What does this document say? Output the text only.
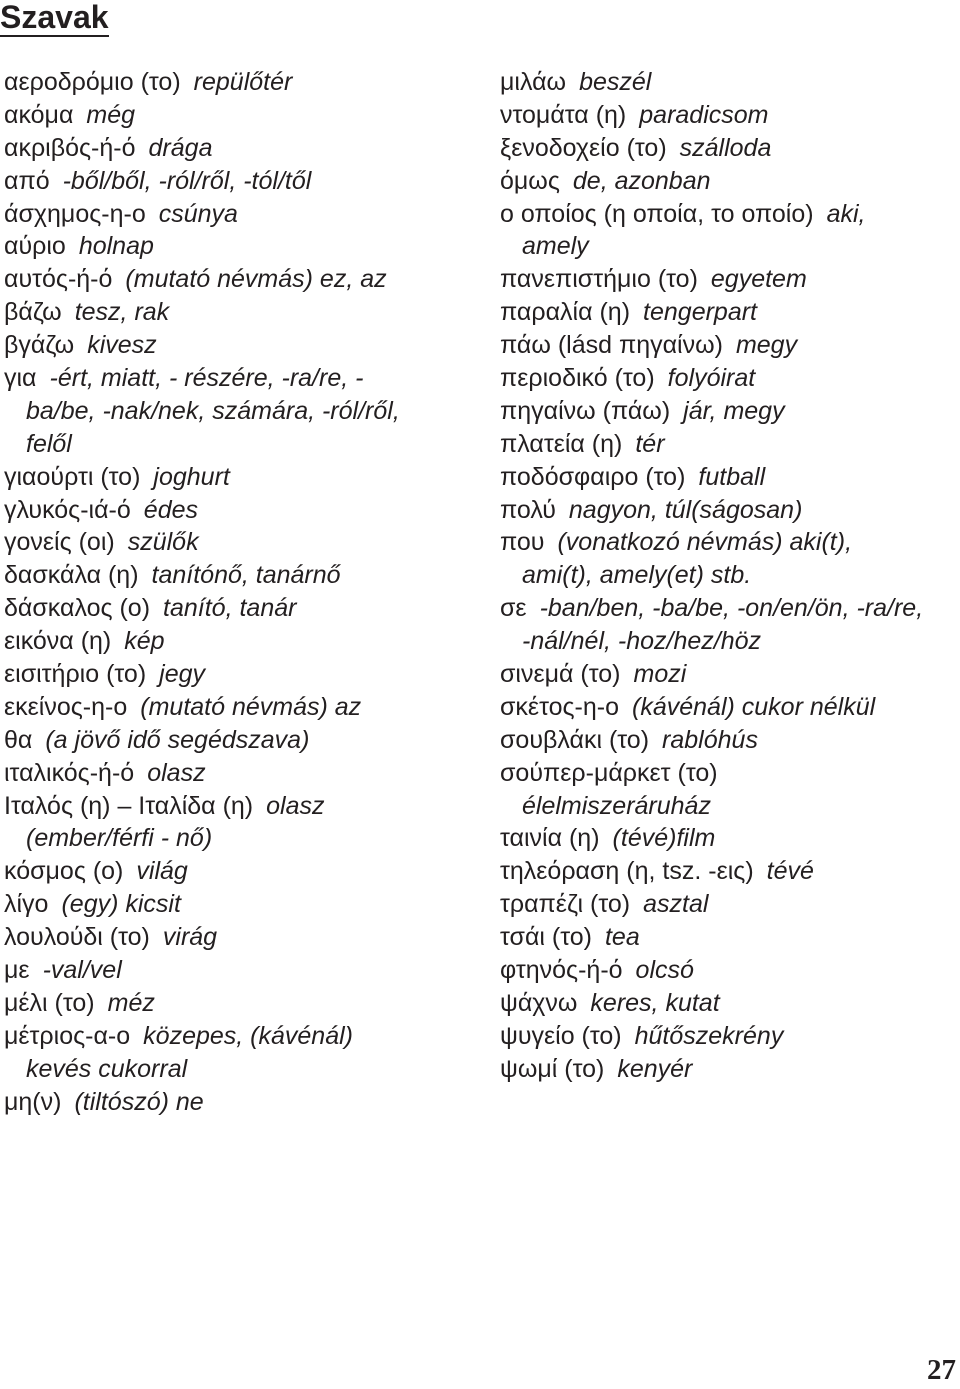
Szavak
αεροδρόμιο (το) repülőtér
ακόμα még
ακριβός-ή-ό drága
από -ből/ből, -ról/ről, -tól/től
άσχημος-η-ο csúnya
αύριο holnap
αυτός-ή-ό (mutató névmás) ez, az
βάζω tesz, rak
βγάζω kivesz
για -ért, miatt, - részére, -ra/re, -
ba/be, -nak/nek, számára, -ról/ről,
felől
γιαούρτι (το) joghurt
γλυκός-ιά-ό édes
γονείς (οι) szülők
δασκάλα (η) tanítónő, tanárnő
δάσκαλος (ο) tanító, tanár
εικόνα (η) kép
εισιτήριο (το) jegy
εκείνος-η-ο (mutató névmás) az
θα (a jövő idő segédszava)
ιταλικός-ή-ό olasz
Ιταλός (η) – Ιταλίδα (η) olasz
(ember/férfi - nő)
κόσμος (ο) világ
λίγο (egy) kicsit
λουλούδι (το) virág
με -val/vel
μέλι (το) méz
μέτριος-α-ο közepes, (kávénál)
kevés cukorral
μη(ν) (tiltószó) ne
μιλάω beszél
ντομάτα (η) paradicsom
ξενοδοχείο (το) szálloda
όμως de, azonban
ο οποίος (η οποία, το οποίο) aki,
amely
πανεπιστήμιο (το) egyetem
παραλία (η) tengerpart
πάω (lásd πηγαίνω) megy
περιοδικό (το) folyóirat
πηγαίνω (πάω) jár, megy
πλατεία (η) tér
ποδόσφαιρο (το) futball
πολύ nagyon, túl(ságosan)
που (vonatkozó névmás) aki(t),
ami(t), amely(et) stb.
σε -ban/ben, -ba/be, -on/en/ön, -ra/re,
-nál/nél, -hoz/hez/höz
σινεμά (το) mozi
σκέτος-η-ο (kávénál) cukor nélkül
σουβλάκι (το) rablóhús
σούπερ-μάρκετ (το)
élelmiszeráruház
ταινία (η) (tévé)film
τηλεόραση (η, tsz. -εις) tévé
τραπέζι (το) asztal
τσάι (το) tea
φτηνός-ή-ό olcsó
ψάχνω keres, kutat
ψυγείο (το) hűtőszekrény
ψωμί (το) kenyér
27
